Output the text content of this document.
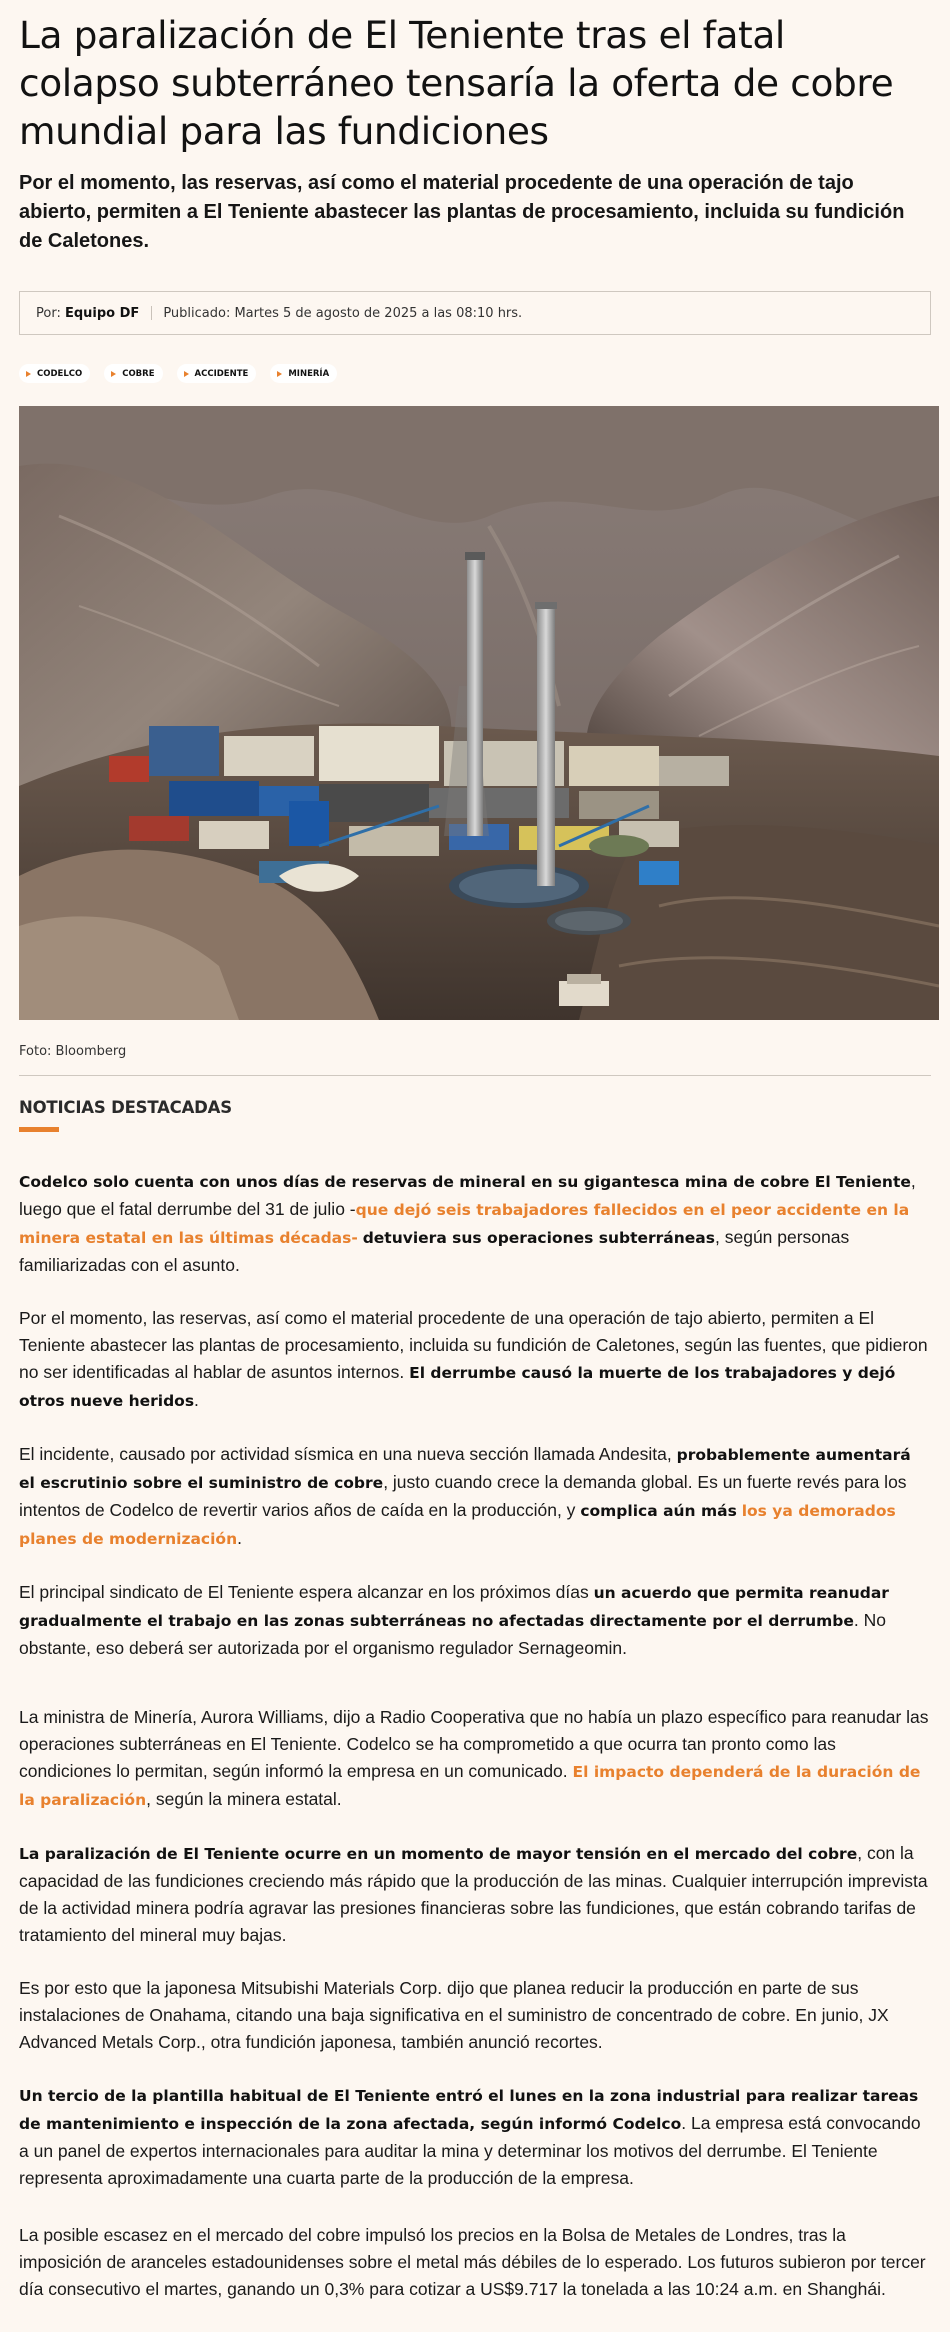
La paralización de El Teniente tras el fatal colapso subterráneo tensaría la oferta de cobre mundial para las fundiciones

Por el momento, las reservas, así como el material procedente de una operación de tajo abierto, permiten a El Teniente abastecer las plantas de procesamiento, incluida su fundición de Caletones.

Por:
Equipo DF Publicado: Martes 5 de agosto de 2025 a las 08:10 hrs.
CODELCO	COBRE	ACCIDENTE	MINERÍA
Foto: Bloomberg
NOTICIAS DESTACADAS

Codelco solo cuenta con unos días de reservas de mineral en su gigantesca mina de cobre El Teniente, luego que el fatal derrumbe del 31 de julio -que dejó seis trabajadores fallecidos en el peor accidente en la minera estatal en las últimas décadas- detuviera sus operaciones subterráneas, según personas familiarizadas con el asunto.

Por el momento, las reservas, así como el material procedente de una operación de tajo abierto, permiten a El Teniente abastecer las plantas de procesamiento, incluida su fundición de Caletones, según las fuentes, que pidieron no ser identificadas al hablar de asuntos internos. El derrumbe causó la muerte de los trabajadores y dejó otros nueve heridos.

El incidente, causado por actividad sísmica en una nueva sección llamada Andesita, probablemente aumentará el escrutinio sobre el suministro de cobre, justo cuando crece la demanda global. Es un fuerte revés para los intentos de Codelco de revertir varios años de caída en la producción, y complica aún más los ya demorados planes de modernización.

El principal sindicato de El Teniente espera alcanzar en los próximos días un acuerdo que permita reanudar gradualmente el trabajo en las zonas subterráneas no afectadas directamente por el derrumbe. No obstante, eso deberá ser autorizada por el organismo regulador Sernageomin.

La ministra de Minería, Aurora Williams, dijo a Radio Cooperativa que no había un plazo específico para reanudar las operaciones subterráneas en El Teniente. Codelco se ha comprometido a que ocurra tan pronto como las condiciones lo permitan, según informó la empresa en un comunicado. El impacto dependerá de la duración de la paralización, según la minera estatal.

La paralización de El Teniente ocurre en un momento de mayor tensión en el mercado del cobre, con la capacidad de las fundiciones creciendo más rápido que la producción de las minas. Cualquier interrupción imprevista de la actividad minera podría agravar las presiones financieras sobre las fundiciones, que están cobrando tarifas de tratamiento del mineral muy bajas.

Es por esto que la japonesa Mitsubishi Materials Corp. dijo que planea reducir la producción en parte de sus instalaciones de Onahama, citando una baja significativa en el suministro de concentrado de cobre. En junio, JX Advanced Metals Corp., otra fundición japonesa, también anunció recortes.

Un tercio de la plantilla habitual de El Teniente entró el lunes en la zona industrial para realizar tareas de mantenimiento e inspección de la zona afectada, según informó Codelco. La empresa está convocando a un panel de expertos internacionales para auditar la mina y determinar los motivos del derrumbe. El Teniente representa aproximadamente una cuarta parte de la producción de la empresa.

La posible escasez en el mercado del cobre impulsó los precios en la Bolsa de Metales de Londres, tras la imposición de aranceles estadounidenses sobre el metal más débiles de lo esperado. Los futuros subieron por tercer día consecutivo el martes, ganando un 0,3% para cotizar a US$9.717 la tonelada a las 10:24 a.m. en Shanghái.
